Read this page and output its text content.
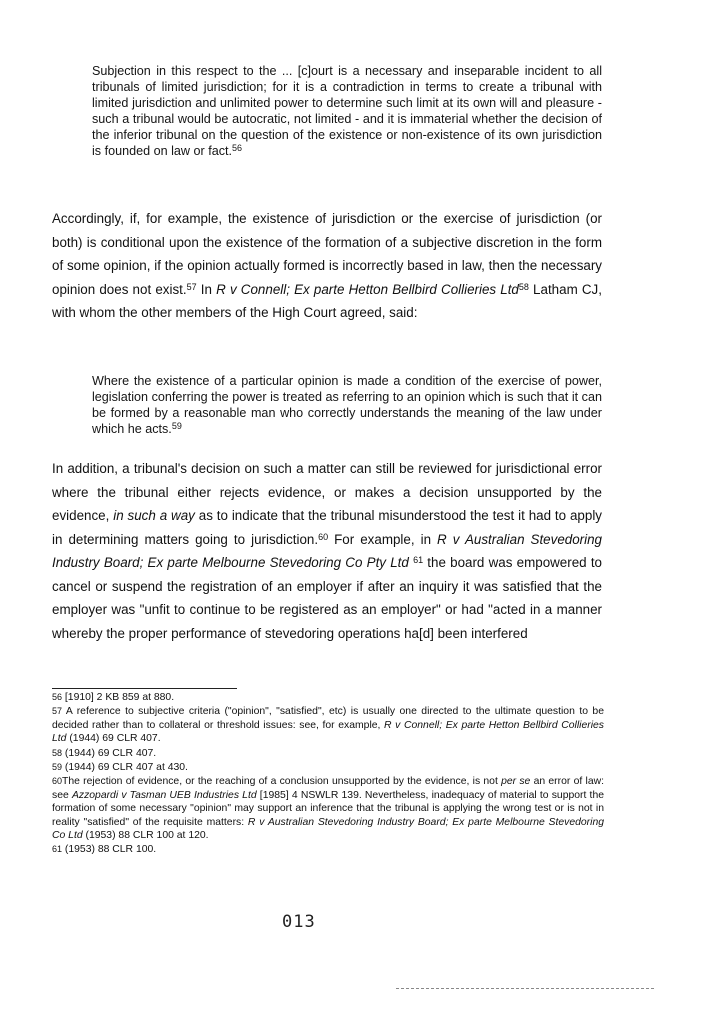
Subjection in this respect to the ... [c]ourt is a necessary and inseparable incident to all tribunals of limited jurisdiction; for it is a contradiction in terms to create a tribunal with limited jurisdiction and unlimited power to determine such limit at its own will and pleasure - such a tribunal would be autocratic, not limited - and it is immaterial whether the decision of the inferior tribunal on the question of the existence or non-existence of its own jurisdiction is founded on law or fact.$^{56}$
Accordingly, if, for example, the existence of jurisdiction or the exercise of jurisdiction (or both) is conditional upon the existence of the formation of a subjective discretion in the form of some opinion, if the opinion actually formed is incorrectly based in law, then the necessary opinion does not exist.$^{57}$ In R v Connell; Ex parte Hetton Bellbird Collieries Ltd$^{58}$ Latham CJ, with whom the other members of the High Court agreed, said:
Where the existence of a particular opinion is made a condition of the exercise of power, legislation conferring the power is treated as referring to an opinion which is such that it can be formed by a reasonable man who correctly understands the meaning of the law under which he acts.$^{59}$
In addition, a tribunal's decision on such a matter can still be reviewed for jurisdictional error where the tribunal either rejects evidence, or makes a decision unsupported by the evidence, in such a way as to indicate that the tribunal misunderstood the test it had to apply in determining matters going to jurisdiction.$^{60}$ For example, in R v Australian Stevedoring Industry Board; Ex parte Melbourne Stevedoring Co Pty Ltd $^{61}$ the board was empowered to cancel or suspend the registration of an employer if after an inquiry it was satisfied that the employer was "unfit to continue to be registered as an employer" or had "acted in a manner whereby the proper performance of stevedoring operations ha[d] been interfered
56 [1910] 2 KB 859 at 880.
57 A reference to subjective criteria ("opinion", "satisfied", etc) is usually one directed to the ultimate question to be decided rather than to collateral or threshold issues: see, for example, R v Connell; Ex parte Hetton Bellbird Collieries Ltd (1944) 69 CLR 407.
58 (1944) 69 CLR 407.
59 (1944) 69 CLR 407 at 430.
60The rejection of evidence, or the reaching of a conclusion unsupported by the evidence, is not per se an error of law: see Azzopardi v Tasman UEB Industries Ltd [1985] 4 NSWLR 139. Nevertheless, inadequacy of material to support the formation of some necessary "opinion" may support an inference that the tribunal is applying the wrong test or is not in reality "satisfied" of the requisite matters: R v Australian Stevedoring Industry Board; Ex parte Melbourne Stevedoring Co Ltd (1953) 88 CLR 100 at 120.
61 (1953) 88 CLR 100.
013
